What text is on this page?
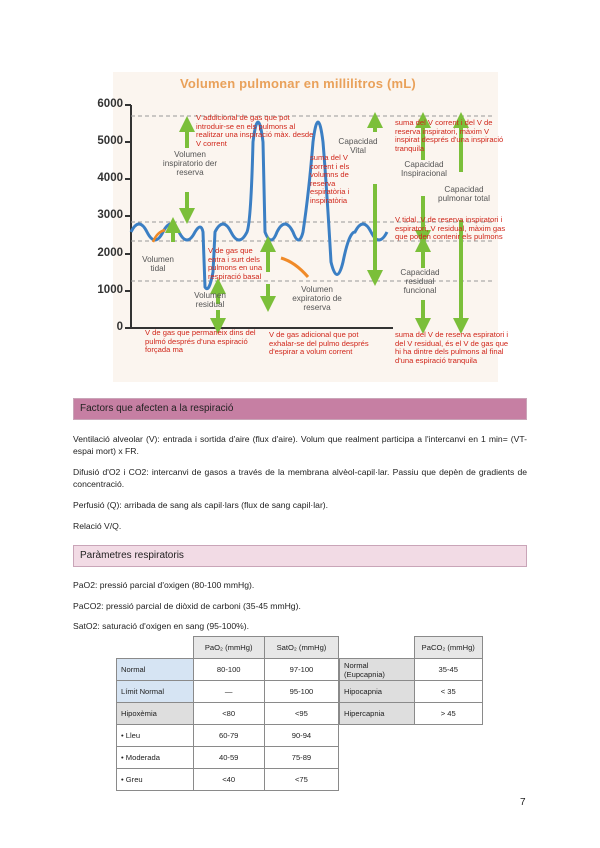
Volumen pulmonar en millilitros (mL)
6000
5000
4000
3000
2000
1000
0
Volumen inspiratorio der reserva
Volumen tidal
Volumen residual
Volumen expiratorio de reserva
Capacidad Vital
Capacidad Inspiracional
Capacidad pulmonar total
Capacidad residual funcional
V addicional de gas que pot introduir-se en els pulmons al realitzar una inspiració màx. desde V corrent
suma del V corrent i els volumns de reserva espiratòria i inspiratòria
suma del V corrent i del V de reserva inspiratori, màxim V inspirat després d'una inspiració tranquila
V tidal, V de reserva inspiratori i espiratori, V residual, màxim gas que poden contenir els pulmons
V de gas que entra i surt dels pulmons en una respiració basal
V de gas que permaneix dins del pulmó després d'una espiració forçada ma
V de gas adicional que pot exhalar-se del pulmo després d'espirar a volum corrent
suma del V de reserva espiratori i del V residual, és el V de gas que hi ha dintre dels pulmons al final d'una espiració tranquila
Factors que afecten a la respiració
Ventilació alveolar (V): entrada i sortida d'aire (flux d'aire). Volum que realment participa a l'intercanvi en 1 min= (VT-espai mort) x FR.
Difusió d'O2 i CO2: intercanvi de gasos a través de la membrana alvèol-capil·lar. Passiu que depèn de gradients de concentració.
Perfusió (Q): arribada de sang als capil·lars (flux de sang capil·lar).
Relació V/Q.
Paràmetres respiratoris
PaO2: pressió parcial d'oxigen (80-100 mmHg).
PaCO2: pressió parcial de diòxid de carboni (35-45 mmHg).
SatO2: saturació d'oxigen en sang (95-100%).
	PaO₂ (mmHg)	SatO₂ (mmHg)
Normal	80-100	97-100
Límit Normal	—	95-100
Hipoxèmia	<80	<95
• Lleu	60-79	90-94
• Moderada	40-59	75-89
• Greu	<40	<75
	PaCO₂ (mmHg)
Normal (Eupcapnia)	35-45
Hipocapnia	< 35
Hipercapnia	> 45
7
